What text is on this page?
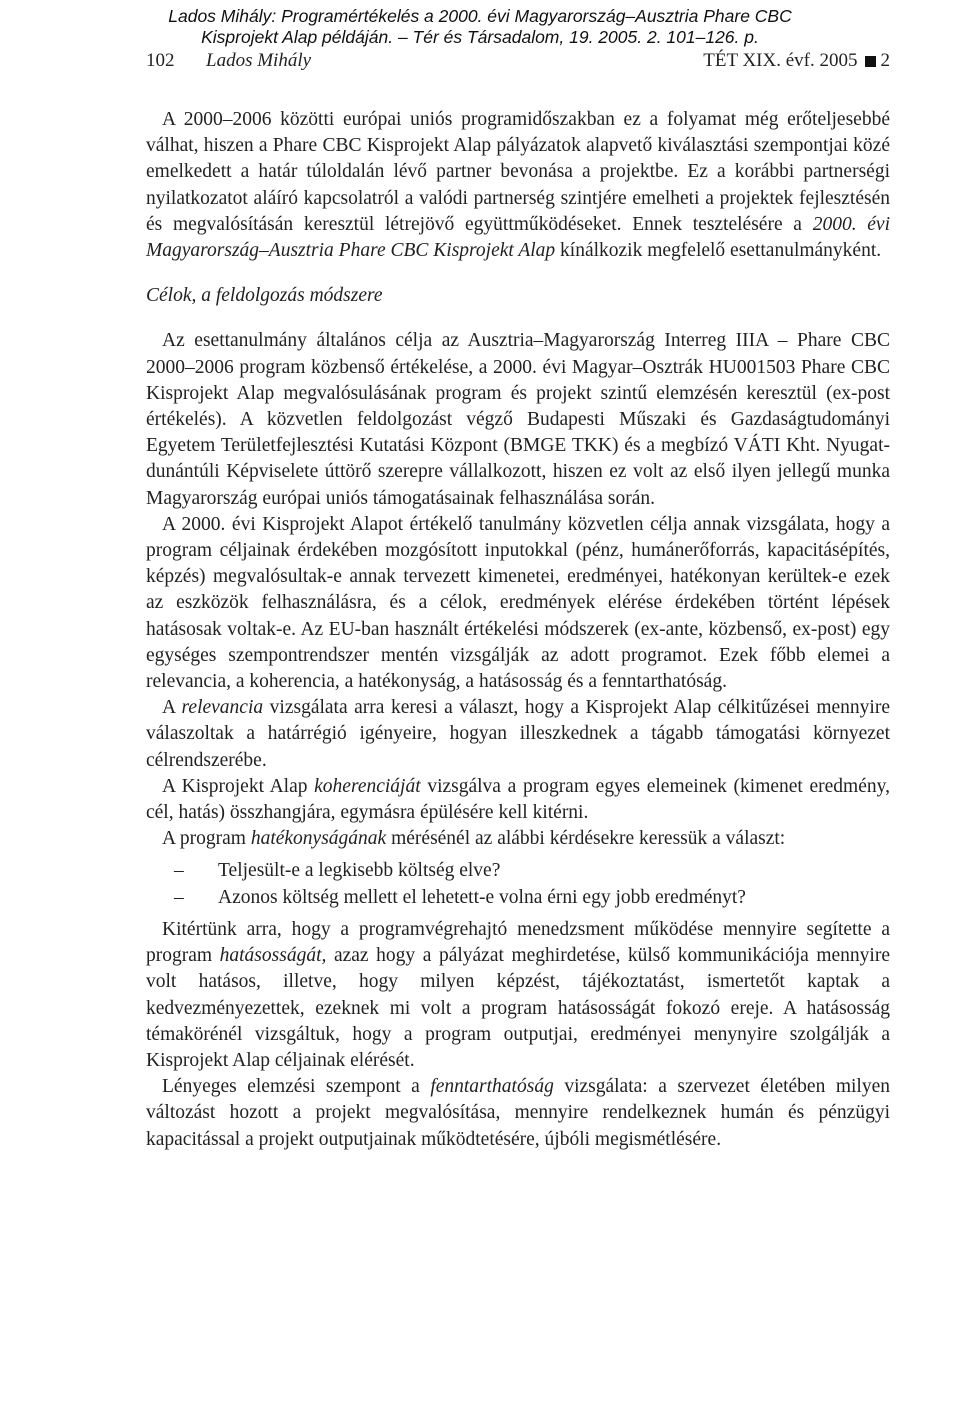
Lados Mihály: Programértékelés a 2000. évi Magyarország–Ausztria Phare CBC
Kisprojekt Alap példáján. – Tér és Társadalom, 19. 2005. 2. 101–126. p.
102 Lados Mihály	TÉT XIX. évf. 2005 2

A 2000–2006 közötti európai uniós programidőszakban ez a folyamat még erőteljesebbé válhat, hiszen a Phare CBC Kisprojekt Alap pályázatok alapvető kiválasztási szempontjai közé emelkedett a határ túloldalán lévő partner bevonása a projektbe. Ez a korábbi partnerségi nyilatkozatot aláíró kapcsolatról a valódi partnerség szintjére emelheti a projektek fejlesztésén és megvalósításán keresztül létrejövő együttműködéseket. Ennek tesztelésére a 2000. évi Magyarország–Ausztria Phare CBC Kisprojekt Alap kínálkozik megfelelő esettanulmányként.

Célok, a feldolgozás módszere

Az esettanulmány általános célja az Ausztria–Magyarország Interreg IIIA – Phare CBC 2000–2006 program közbenső értékelése, a 2000. évi Magyar–Osztrák HU001503 Phare CBC Kisprojekt Alap megvalósulásának program és projekt szintű elemzésén keresztül (ex-post értékelés). A közvetlen feldolgozást végző Budapesti Műszaki és Gazdaságtudományi Egyetem Területfejlesztési Kutatási Központ (BMGE TKK) és a megbízó VÁTI Kht. Nyugat-dunántúli Képviselete úttörő szerepre vállalkozott, hiszen ez volt az első ilyen jellegű munka Magyarország európai uniós támogatásainak felhasználása során.

A 2000. évi Kisprojekt Alapot értékelő tanulmány közvetlen célja annak vizsgálata, hogy a program céljainak érdekében mozgósított inputokkal (pénz, humánerőforrás, kapacitásépítés, képzés) megvalósultak-e annak tervezett kimenetei, eredményei, hatékonyan kerültek-e ezek az eszközök felhasználásra, és a célok, eredmények elérése érdekében történt lépések hatásosak voltak-e. Az EU-ban használt értékelési módszerek (ex-ante, közbenső, ex-post) egy egységes szempontrendszer mentén vizsgálják az adott programot. Ezek főbb elemei a relevancia, a koherencia, a hatékonyság, a hatásosság és a fenntarthatóság.

A relevancia vizsgálata arra keresi a választ, hogy a Kisprojekt Alap célkitűzései mennyire válaszoltak a határrégió igényeire, hogyan illeszkednek a tágabb támogatási környezet célrendszerébe.

A Kisprojekt Alap koherenciáját vizsgálva a program egyes elemeinek (kimenet eredmény, cél, hatás) összhangjára, egymásra épülésére kell kitérni.

A program hatékonyságának mérésénél az alábbi kérdésekre keressük a választ:

– Teljesült-e a legkisebb költség elve?
– Azonos költség mellett el lehetett-e volna érni egy jobb eredményt?

Kitértünk arra, hogy a programvégrehajtó menedzsment működése mennyire segítette a program hatásosságát, azaz hogy a pályázat meghirdetése, külső kommunikációja mennyire volt hatásos, illetve, hogy milyen képzést, tájékoztatást, ismertetőt kaptak a kedvezményezettek, ezeknek mi volt a program hatásosságát fokozó ereje. A hatásosság témakörénél vizsgáltuk, hogy a program outputjai, eredményei menynyire szolgálják a Kisprojekt Alap céljainak elérését.

Lényeges elemzési szempont a fenntarthatóság vizsgálata: a szervezet életében milyen változást hozott a projekt megvalósítása, mennyire rendelkeznek humán és pénzügyi kapacitással a projekt outputjainak működtetésére, újbóli megismétlésére.
